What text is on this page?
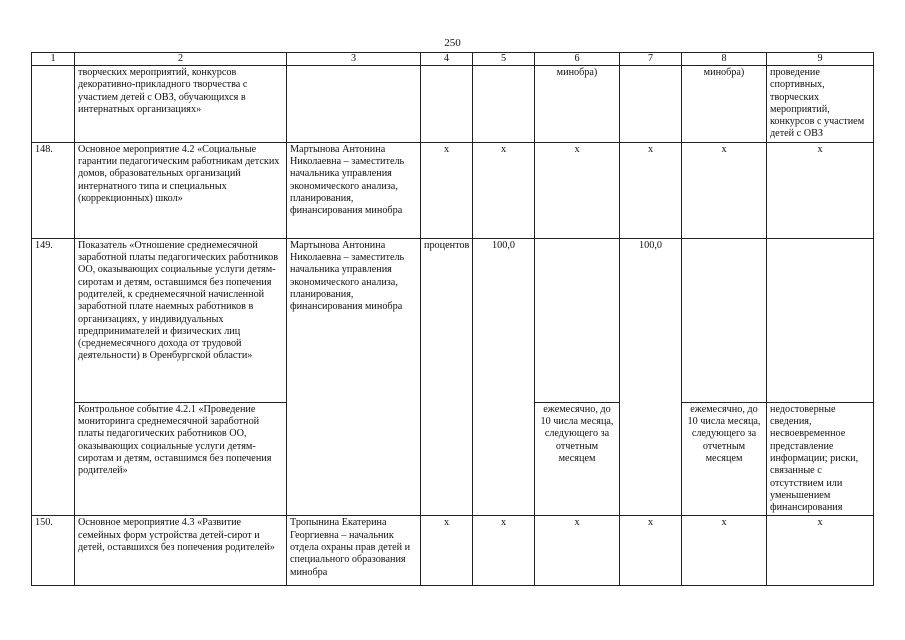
250
1	2	3	4	5	6	7	8	9
	творческих мероприятий, конкурсов декоративно-прикладного творчества с участием детей с ОВЗ, обучающихся в интернатных организациях»				минобра)		минобра)	проведение спортивных, творческих мероприятий, конкурсов с участием детей с ОВЗ
148.	Основное мероприятие 4.2 «Социальные гарантии педагогическим работникам детских домов, образовательных организаций интернатного типа и специальных (коррекционных) школ»	Мартынова Антонина Николаевна – заместитель начальника управления экономического анализа, планирования, финансирования минобра	x	x	x	x	x	x
149.	Показатель «Отношение среднемесячной заработной платы педагогических работников ОО, оказывающих социальные услуги детям-сиротам и детям, оставшимся без попечения родителей, к среднемесячной начисленной заработной плате наемных работников в организациях, у индивидуальных предпринимателей и физических лиц (среднемесячного дохода от трудовой деятельности) в Оренбургской области»	Мартынова Антонина Николаевна – заместитель начальника управления экономического анализа, планирования, финансирования минобра	процентов	100,0		100,0		
	Контрольное событие 4.2.1 «Проведение мониторинга среднемесячной заработной платы педагогических работников ОО, оказывающих социальные услуги детям-сиротам и детям, оставшимся без попечения родителей»				ежемесячно, до 10 числа месяца, следующего за отчетным месяцем		ежемесячно, до 10 числа месяца, следующего за отчетным месяцем	недостоверные сведения, несвоевременное представление информации; риски, связанные с отсутствием или уменьшением финансирования
150.	Основное мероприятие 4.3 «Развитие семейных форм устройства детей-сирот и детей, оставшихся без попечения родителей»	Тропынина Екатерина Георгиевна – начальник отдела охраны прав детей и специального образования минобра	x	x	x	x	x	x
